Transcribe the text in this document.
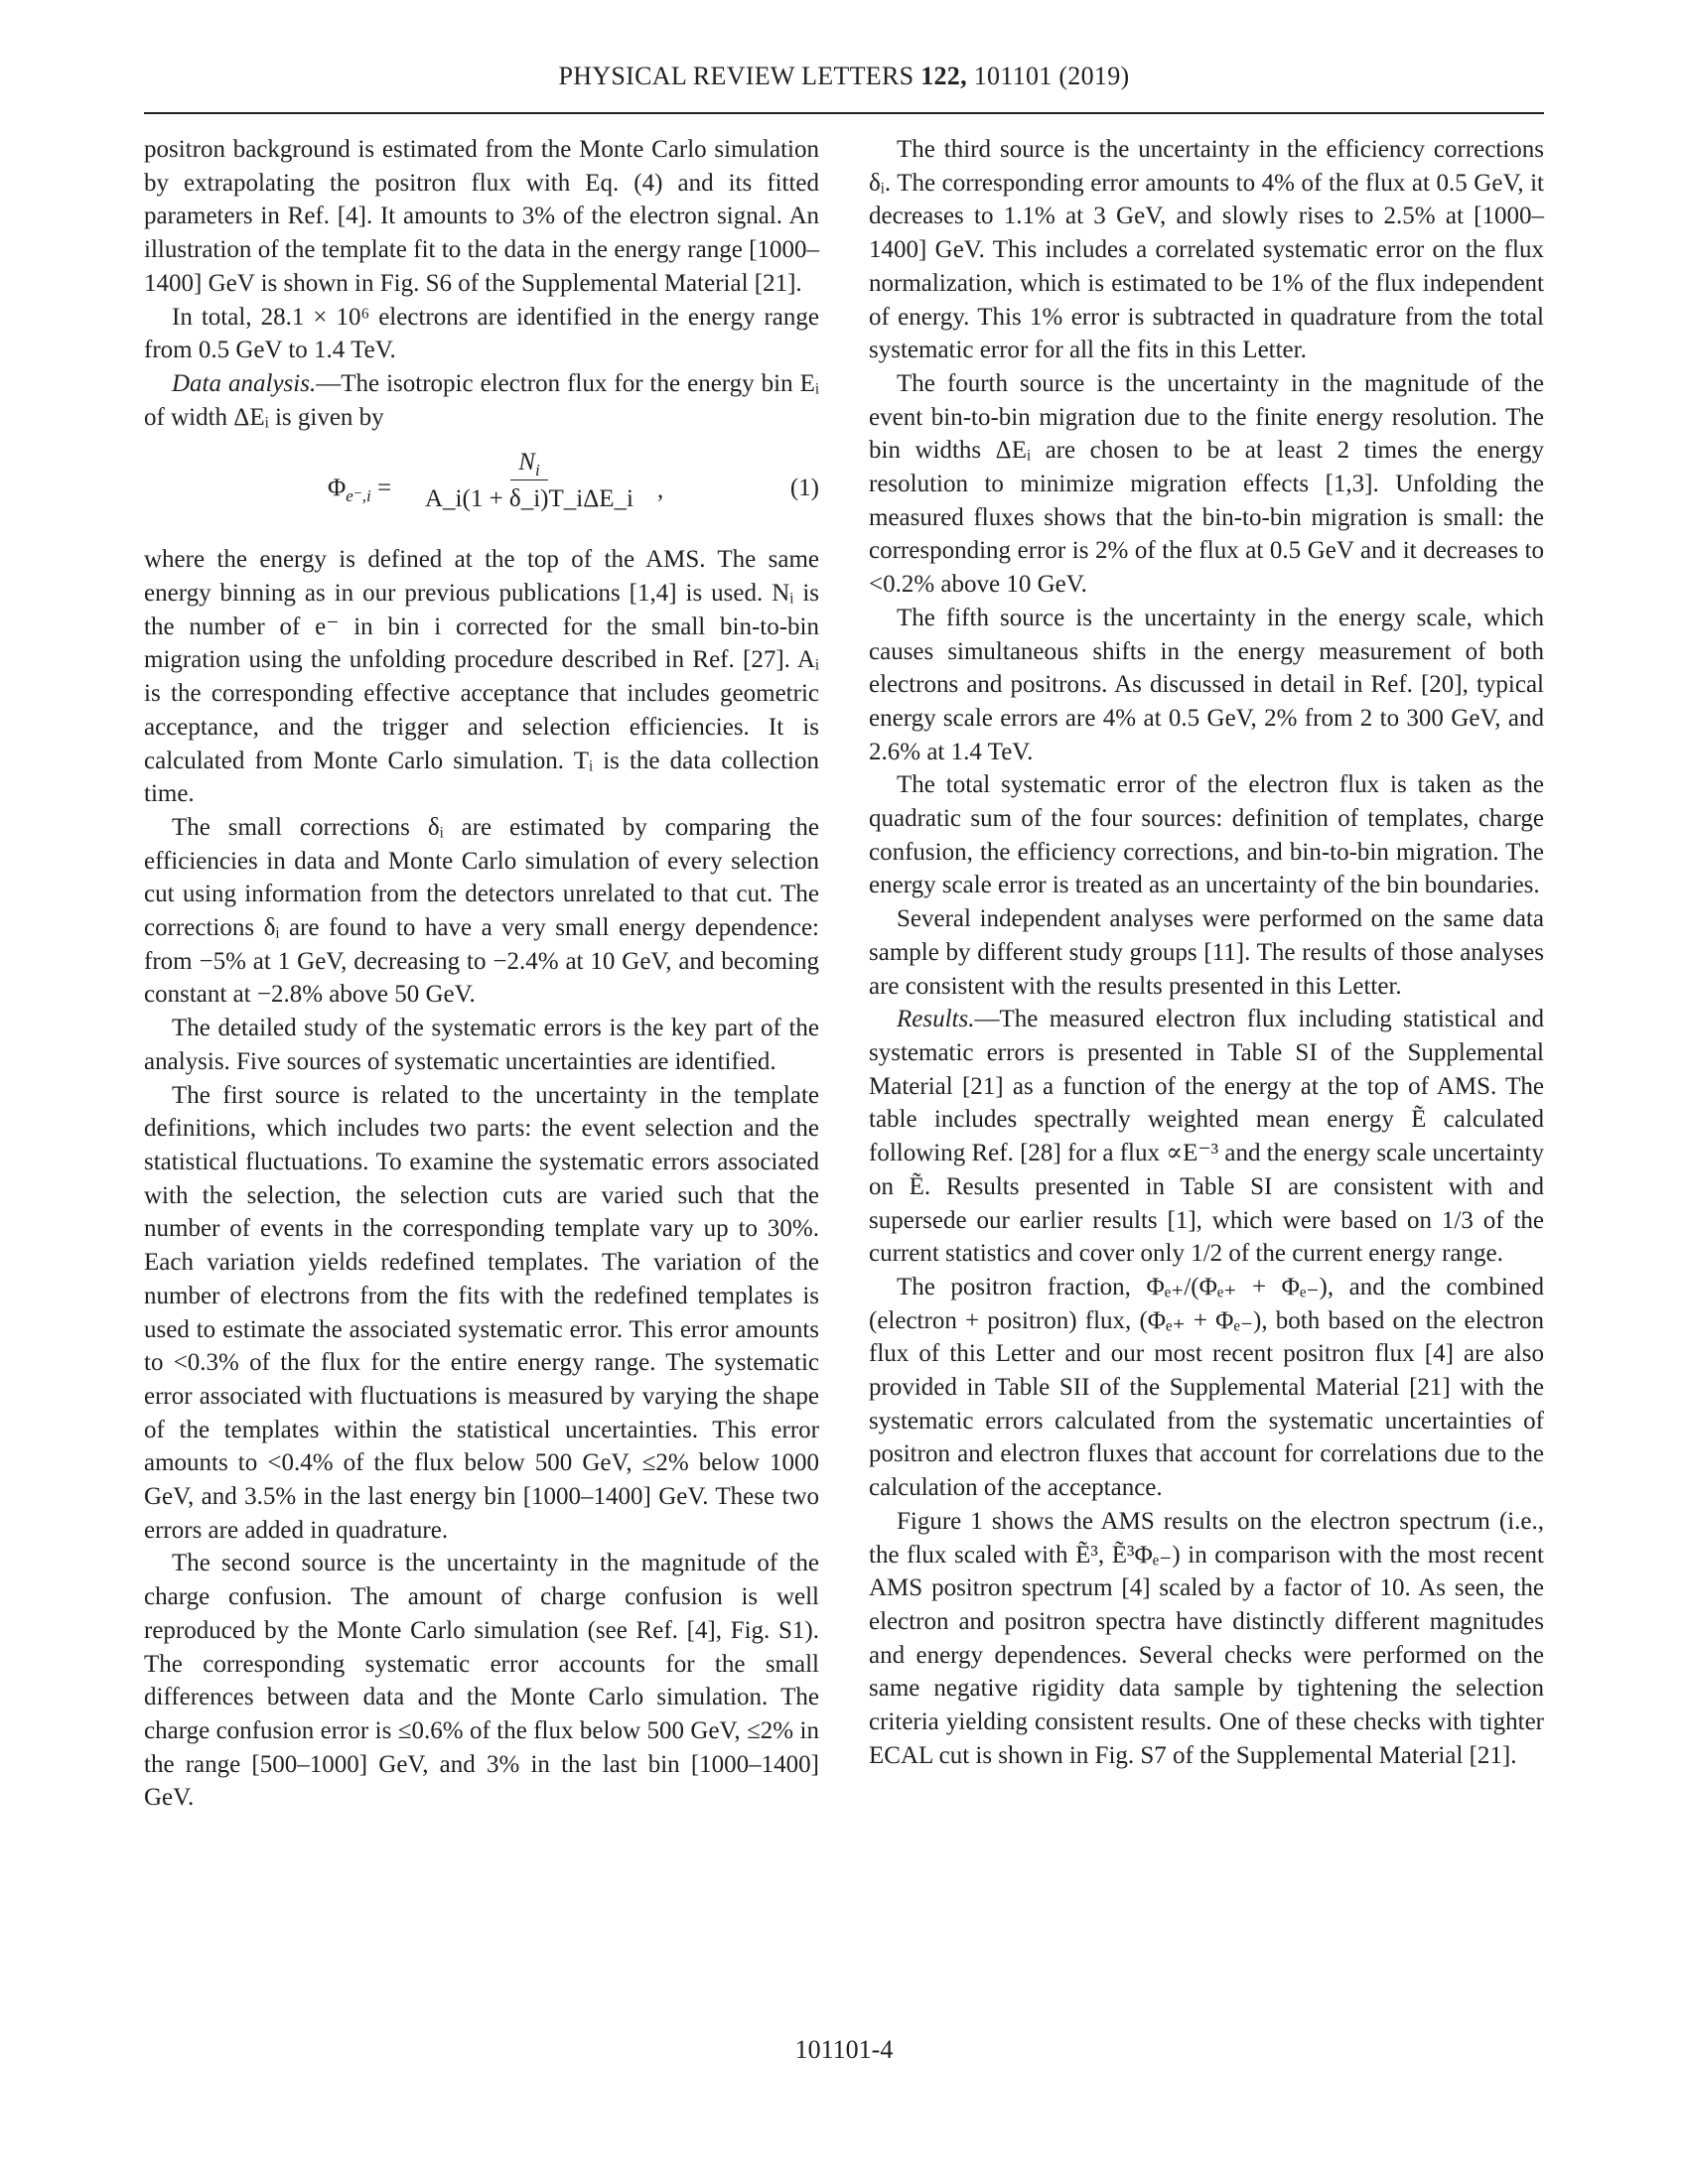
PHYSICAL REVIEW LETTERS 122, 101101 (2019)

positron background is estimated from the Monte Carlo simulation by extrapolating the positron flux with Eq. (4) and its fitted parameters in Ref. [4]. It amounts to 3% of the electron signal. An illustration of the template fit to the data in the energy range [1000–1400] GeV is shown in Fig. S6 of the Supplemental Material [21].

In total, 28.1 × 10⁶ electrons are identified in the energy range from 0.5 GeV to 1.4 TeV.

Data analysis.—The isotropic electron flux for the energy bin Eᵢ of width ΔEᵢ is given by

$\Phi_{e^-,i} = \frac{N_i}{\text{A\_i(1 + δ\_i)T\_iΔE\_i}}$ ,	(1)

where the energy is defined at the top of the AMS. The same energy binning as in our previous publications [1,4] is used. Nᵢ is the number of e⁻ in bin i corrected for the small bin-to-bin migration using the unfolding procedure described in Ref. [27]. Aᵢ is the corresponding effective acceptance that includes geometric acceptance, and the trigger and selection efficiencies. It is calculated from Monte Carlo simulation. Tᵢ is the data collection time.

The small corrections δᵢ are estimated by comparing the efficiencies in data and Monte Carlo simulation of every selection cut using information from the detectors unrelated to that cut. The corrections δᵢ are found to have a very small energy dependence: from −5% at 1 GeV, decreasing to −2.4% at 10 GeV, and becoming constant at −2.8% above 50 GeV.

The detailed study of the systematic errors is the key part of the analysis. Five sources of systematic uncertainties are identified.

The first source is related to the uncertainty in the template definitions, which includes two parts: the event selection and the statistical fluctuations. To examine the systematic errors associated with the selection, the selection cuts are varied such that the number of events in the corresponding template vary up to 30%. Each variation yields redefined templates. The variation of the number of electrons from the fits with the redefined templates is used to estimate the associated systematic error. This error amounts to <0.3% of the flux for the entire energy range. The systematic error associated with fluctuations is measured by varying the shape of the templates within the statistical uncertainties. This error amounts to <0.4% of the flux below 500 GeV, ≤2% below 1000 GeV, and 3.5% in the last energy bin [1000–1400] GeV. These two errors are added in quadrature.

The second source is the uncertainty in the magnitude of the charge confusion. The amount of charge confusion is well reproduced by the Monte Carlo simulation (see Ref. [4], Fig. S1). The corresponding systematic error accounts for the small differences between data and the Monte Carlo simulation. The charge confusion error is ≤0.6% of the flux below 500 GeV, ≤2% in the range [500–1000] GeV, and 3% in the last bin [1000–1400] GeV.

The third source is the uncertainty in the efficiency corrections δᵢ. The corresponding error amounts to 4% of the flux at 0.5 GeV, it decreases to 1.1% at 3 GeV, and slowly rises to 2.5% at [1000–1400] GeV. This includes a correlated systematic error on the flux normalization, which is estimated to be 1% of the flux independent of energy. This 1% error is subtracted in quadrature from the total systematic error for all the fits in this Letter.

The fourth source is the uncertainty in the magnitude of the event bin-to-bin migration due to the finite energy resolution. The bin widths ΔEᵢ are chosen to be at least 2 times the energy resolution to minimize migration effects [1,3]. Unfolding the measured fluxes shows that the bin-to-bin migration is small: the corresponding error is 2% of the flux at 0.5 GeV and it decreases to <0.2% above 10 GeV.

The fifth source is the uncertainty in the energy scale, which causes simultaneous shifts in the energy measurement of both electrons and positrons. As discussed in detail in Ref. [20], typical energy scale errors are 4% at 0.5 GeV, 2% from 2 to 300 GeV, and 2.6% at 1.4 TeV.

The total systematic error of the electron flux is taken as the quadratic sum of the four sources: definition of templates, charge confusion, the efficiency corrections, and bin-to-bin migration. The energy scale error is treated as an uncertainty of the bin boundaries.

Several independent analyses were performed on the same data sample by different study groups [11]. The results of those analyses are consistent with the results presented in this Letter.

Results.—The measured electron flux including statistical and systematic errors is presented in Table SI of the Supplemental Material [21] as a function of the energy at the top of AMS. The table includes spectrally weighted mean energy Ẽ calculated following Ref. [28] for a flux ∝E⁻³ and the energy scale uncertainty on Ẽ. Results presented in Table SI are consistent with and supersede our earlier results [1], which were based on 1/3 of the current statistics and cover only 1/2 of the current energy range.

The positron fraction, Φₑ₊/(Φₑ₊ + Φₑ₋), and the combined (electron + positron) flux, (Φₑ₊ + Φₑ₋), both based on the electron flux of this Letter and our most recent positron flux [4] are also provided in Table SII of the Supplemental Material [21] with the systematic errors calculated from the systematic uncertainties of positron and electron fluxes that account for correlations due to the calculation of the acceptance.

Figure 1 shows the AMS results on the electron spectrum (i.e., the flux scaled with Ẽ³, Ẽ³Φₑ₋) in comparison with the most recent AMS positron spectrum [4] scaled by a factor of 10. As seen, the electron and positron spectra have distinctly different magnitudes and energy dependences. Several checks were performed on the same negative rigidity data sample by tightening the selection criteria yielding consistent results. One of these checks with tighter ECAL cut is shown in Fig. S7 of the Supplemental Material [21].

101101-4
